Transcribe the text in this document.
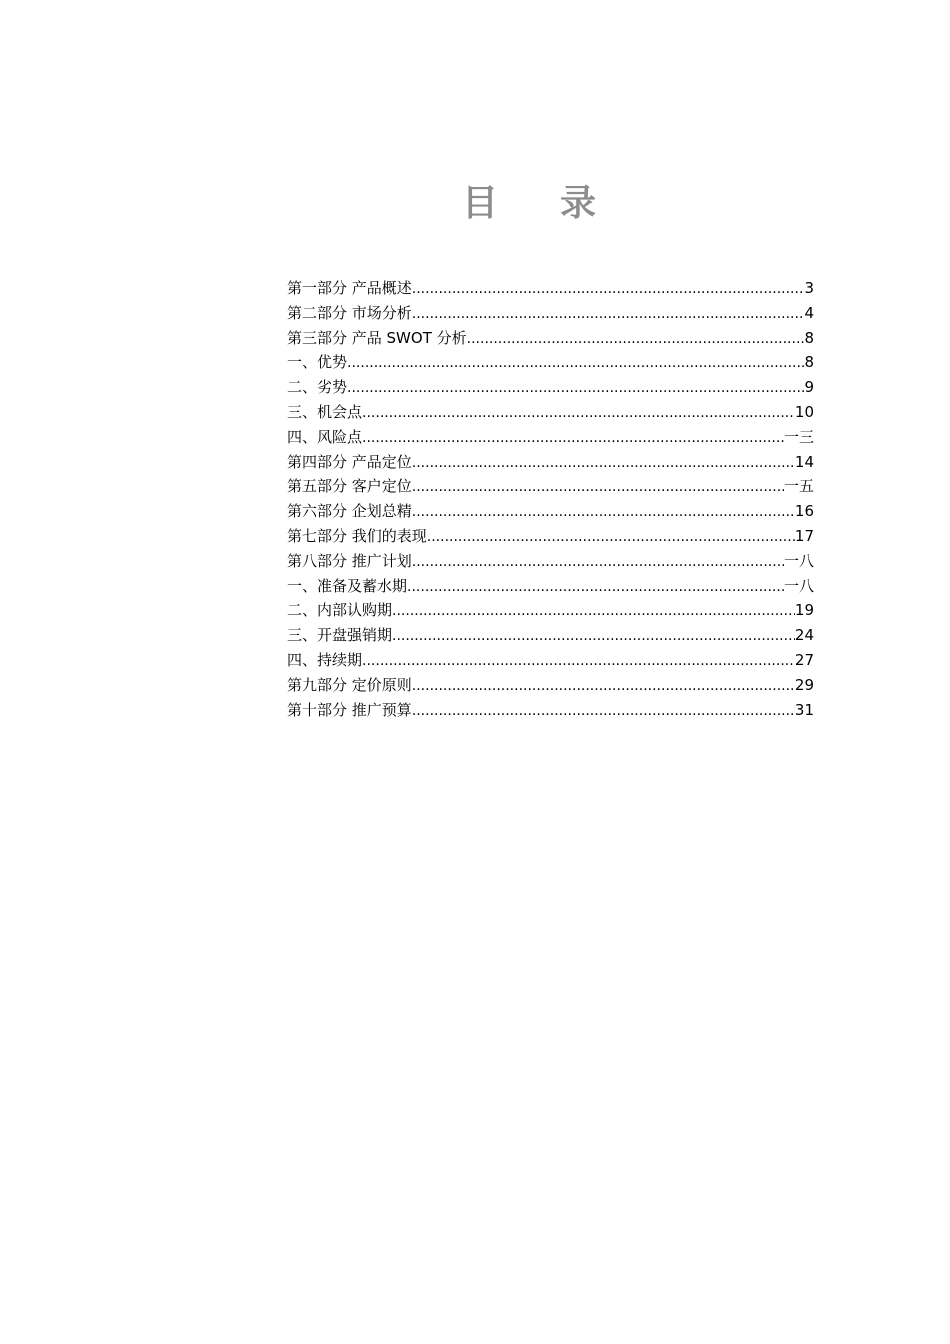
目录
第一部分 产品概述 .....	3
第二部分 市场分析 .....	4
第三部分 产品 SWOT 分析 .....	8
一、优势 .....	8
二、劣势 .....	9
三、机会点 .....	10
四、风险点 .....	一三
第四部分 产品定位 .....	14
第五部分 客户定位 .....	一五
第六部分 企划总精 .....	16
第七部分 我们的表现 .....	17
第八部分 推广计划 .....	一八
一、准备及蓄水期 .....	一八
二、内部认购期 .....	19
三、开盘强销期 .....	24
四、持续期 .....	27
第九部分 定价原则 .....	29
第十部分 推广预算 .....	31
